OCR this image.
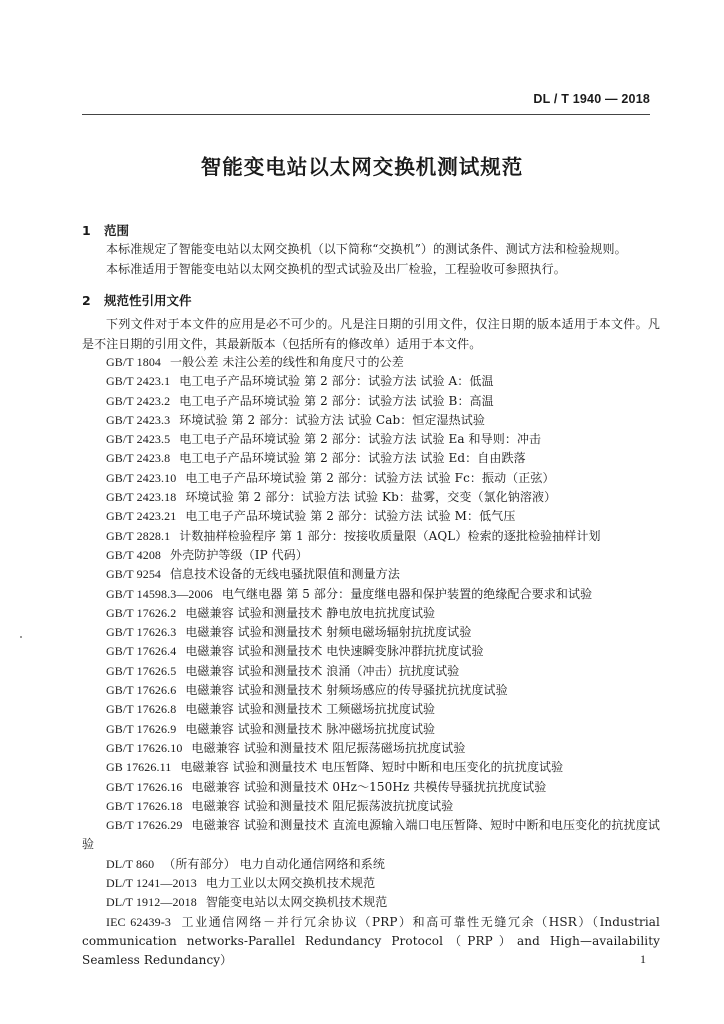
DL / T 1940 — 2018
智能变电站以太网交换机测试规范
1 范围
本标准规定了智能变电站以太网交换机（以下简称“交换机”）的测试条件、测试方法和检验规则。
本标准适用于智能变电站以太网交换机的型式试验及出厂检验，工程验收可参照执行。
2 规范性引用文件
下列文件对于本文件的应用是必不可少的。凡是注日期的引用文件，仅注日期的版本适用于本文件。凡是不注日期的引用文件，其最新版本（包括所有的修改单）适用于本文件。
GB/T 1804 一般公差 未注公差的线性和角度尺寸的公差
GB/T 2423.1 电工电子产品环境试验 第 2 部分：试验方法 试验 A：低温
GB/T 2423.2 电工电子产品环境试验 第 2 部分：试验方法 试验 B：高温
GB/T 2423.3 环境试验 第 2 部分：试验方法 试验 Cab：恒定湿热试验
GB/T 2423.5 电工电子产品环境试验 第 2 部分：试验方法 试验 Ea 和导则：冲击
GB/T 2423.8 电工电子产品环境试验 第 2 部分：试验方法 试验 Ed：自由跌落
GB/T 2423.10 电工电子产品环境试验 第 2 部分：试验方法 试验 Fc：振动（正弦）
GB/T 2423.18 环境试验 第 2 部分：试验方法 试验 Kb：盐雾，交变（氯化钠溶液）
GB/T 2423.21 电工电子产品环境试验 第 2 部分：试验方法 试验 M：低气压
GB/T 2828.1 计数抽样检验程序 第 1 部分：按接收质量限（AQL）检索的逐批检验抽样计划
GB/T 4208 外壳防护等级（IP 代码）
GB/T 9254 信息技术设备的无线电骚扰限值和测量方法
GB/T 14598.3—2006 电气继电器 第 5 部分：量度继电器和保护装置的绝缘配合要求和试验
GB/T 17626.2 电磁兼容 试验和测量技术 静电放电抗扰度试验
GB/T 17626.3 电磁兼容 试验和测量技术 射频电磁场辐射抗扰度试验
GB/T 17626.4 电磁兼容 试验和测量技术 电快速瞬变脉冲群抗扰度试验
GB/T 17626.5 电磁兼容 试验和测量技术 浪涌（冲击）抗扰度试验
GB/T 17626.6 电磁兼容 试验和测量技术 射频场感应的传导骚扰抗扰度试验
GB/T 17626.8 电磁兼容 试验和测量技术 工频磁场抗扰度试验
GB/T 17626.9 电磁兼容 试验和测量技术 脉冲磁场抗扰度试验
GB/T 17626.10 电磁兼容 试验和测量技术 阻尼振荡磁场抗扰度试验
GB 17626.11 电磁兼容 试验和测量技术 电压暂降、短时中断和电压变化的抗扰度试验
GB/T 17626.16 电磁兼容 试验和测量技术 0Hz～150Hz 共模传导骚扰抗扰度试验
GB/T 17626.18 电磁兼容 试验和测量技术 阻尼振荡波抗扰度试验
GB/T 17626.29 电磁兼容 试验和测量技术 直流电源输入端口电压暂降、短时中断和电压变化的抗扰度试验
DL/T 860 （所有部分） 电力自动化通信网络和系统
DL/T 1241—2013 电力工业以太网交换机技术规范
DL/T 1912—2018 智能变电站以太网交换机技术规范
IEC 62439-3 工业通信网络－并行冗余协议（PRP）和高可靠性无缝冗余（HSR）（Industrial communication networks-Parallel Redundancy Protocol（PRP）and High—availability Seamless Redundancy）	1
